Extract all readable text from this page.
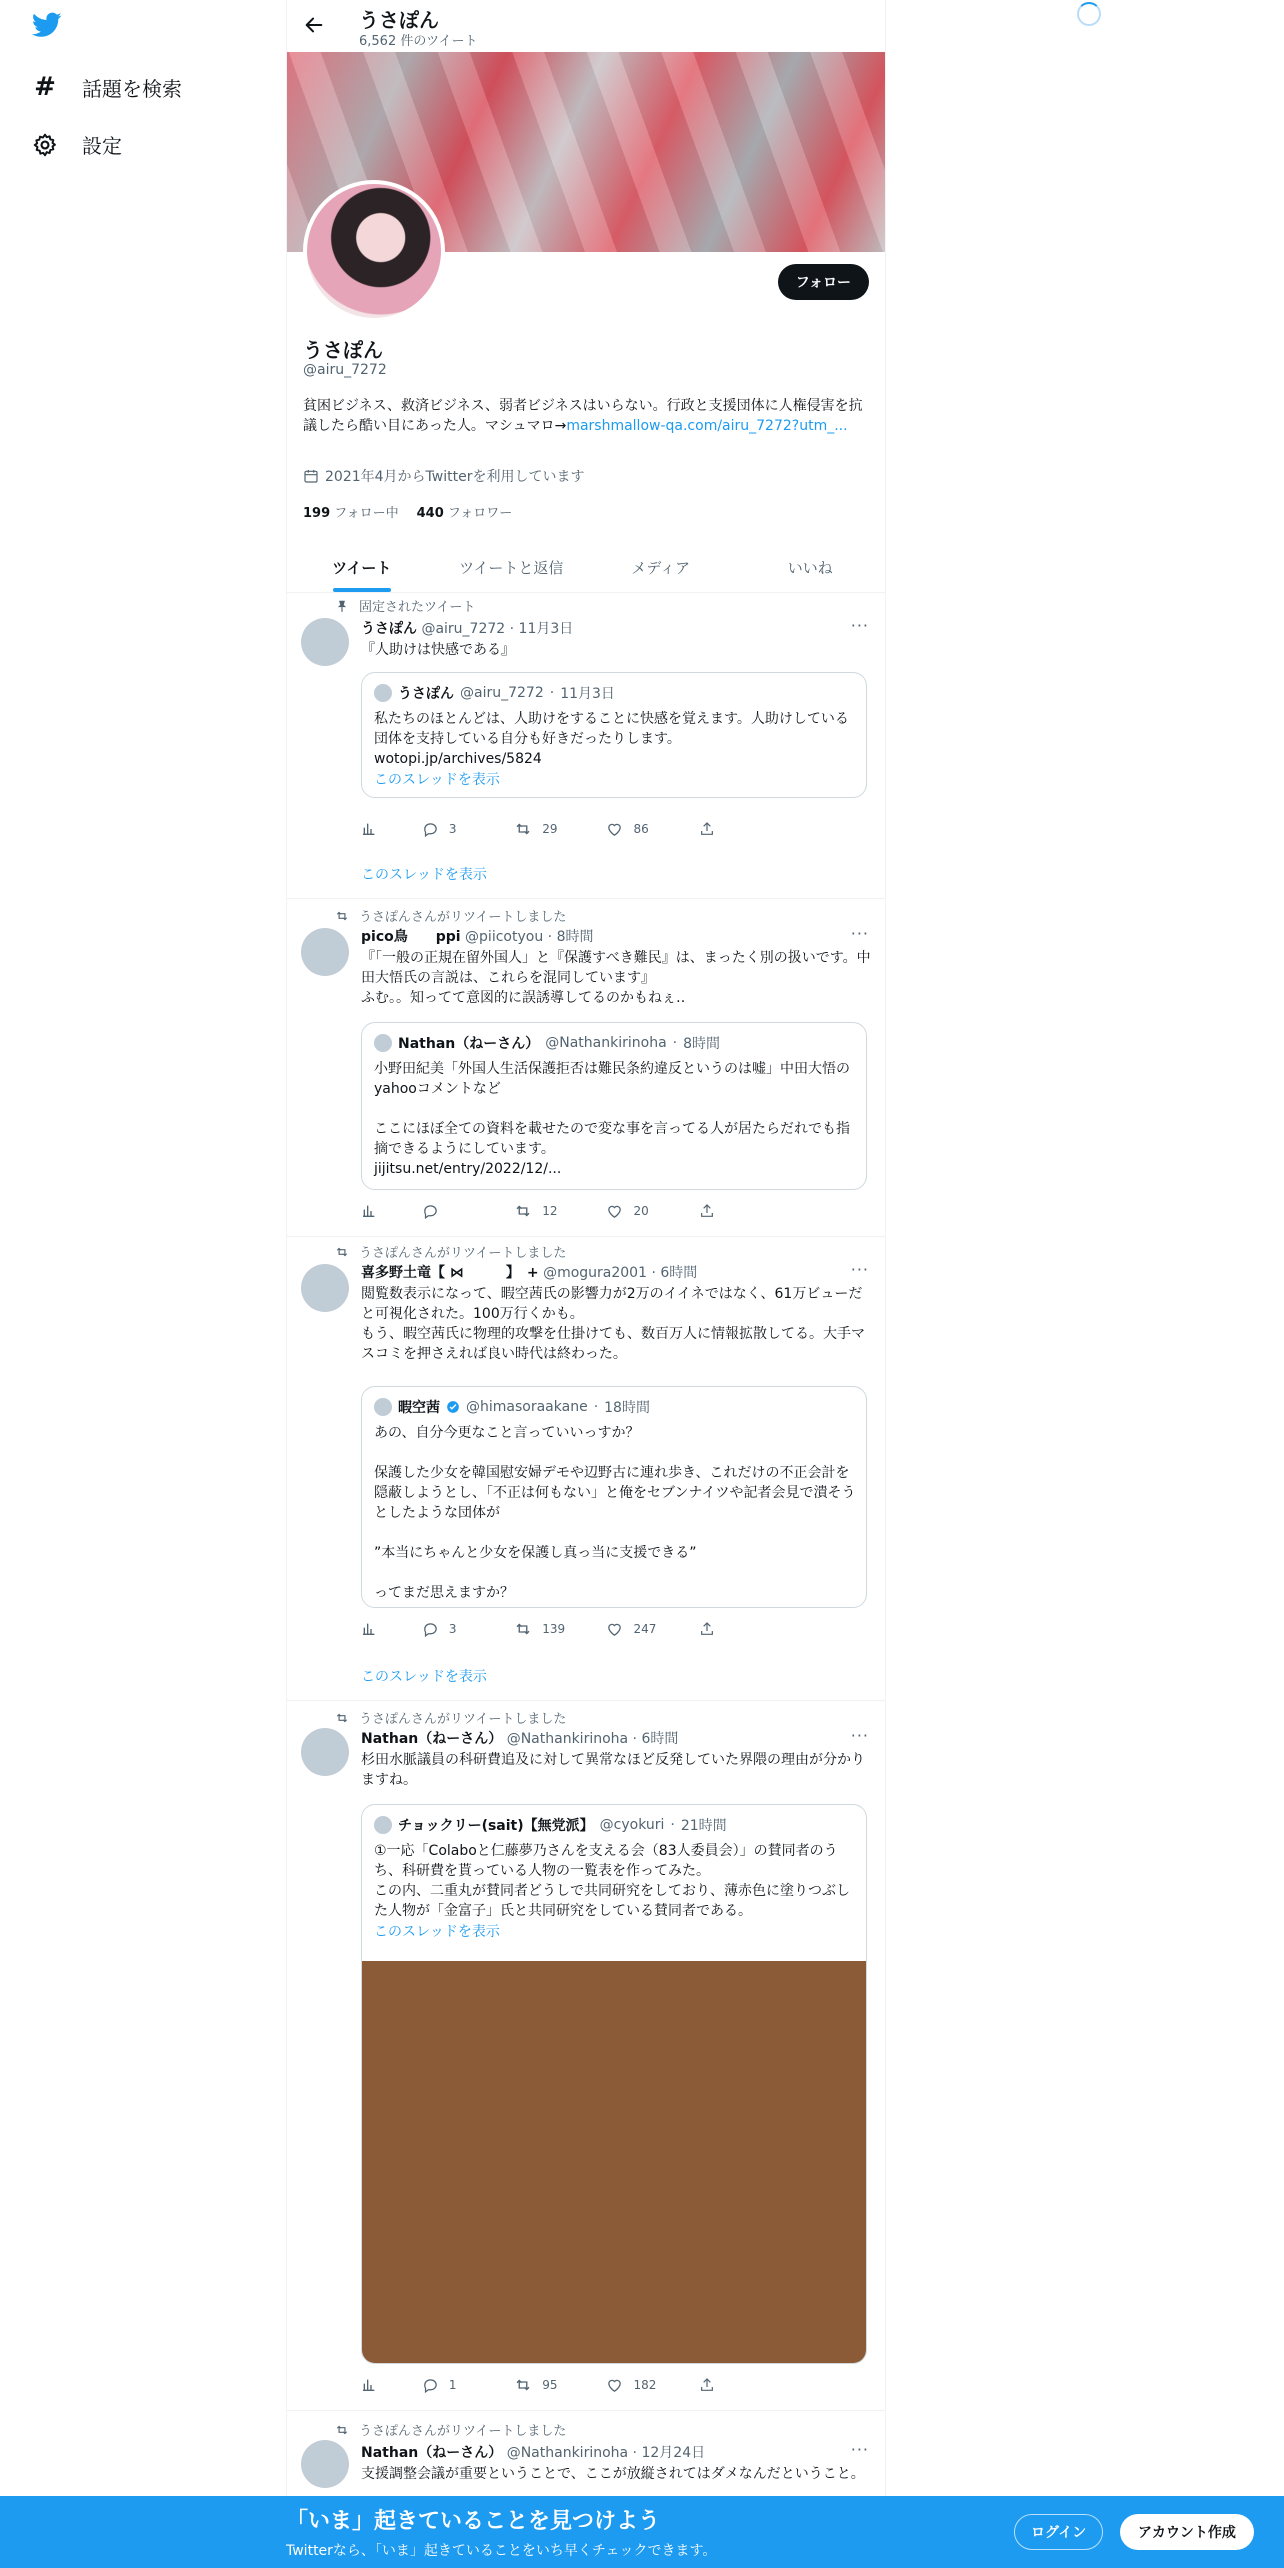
# 話題を検索
設定
うさぽん
6,562 件のツイート
フォロー
うさぽん
@airu_7272
貧困ビジネス、救済ビジネス、弱者ビジネスはいらない。行政と支援団体に人権侵害を抗議したら酷い目にあった人。マシュマロ→marshmallow-qa.com/airu_7272?utm_...
2021年4月からTwitterを利用しています
199 フォロー中 440 フォロワー
ツイート	ツイートと返信	メディア	いいね
固定されたツイート
うさぽん @airu_7272 · 11月3日	···
『人助けは快感である』
うさぽん @airu_7272 · 11月3日
私たちのほとんどは、人助けをすることに快感を覚えます。人助けしている団体を支持している自分も好きだったりします。
wotopi.jp/archives/5824
このスレッドを表示
3	29	86
このスレッドを表示
うさぽんさんがリツイートしました
pico鳥　　ppi @piicotyou · 8時間	···
『「一般の正規在留外国人」と『保護すべき難民』は、まったく別の扱いです。中田大悟氏の言説は、これらを混同しています』
ふむ。。知ってて意図的に誤誘導してるのかもねぇ‥
Nathan（ねーさん） @Nathankirinoha · 8時間
小野田紀美「外国人生活保護拒否は難民条約違反というのは嘘」中田大悟のyahooコメントなど

ここにほぼ全ての資料を載せたので変な事を言ってる人が居たらだれでも指摘できるようにしています。
jijitsu.net/entry/2022/12/...
12	20
うさぽんさんがリツイートしました
喜多野土竜【 ⋈　　　】　+ @mogura2001 · 6時間	···
閲覧数表示になって、暇空茜氏の影響力が2万のイイネではなく、61万ビューだと可視化された。100万行くかも。
もう、暇空茜氏に物理的攻撃を仕掛けても、数百万人に情報拡散してる。大手マスコミを押さえれば良い時代は終わった。
暇空茜 @himasoraakane · 18時間
あの、自分今更なこと言っていいっすか？

保護した少女を韓国慰安婦デモや辺野古に連れ歩き、これだけの不正会計を隠蔽しようとし、「不正は何もない」と俺をセブンナイツや記者会見で潰そうとしたような団体が

”本当にちゃんと少女を保護し真っ当に支援できる”

ってまだ思えますか？
3	139	247
このスレッドを表示
うさぽんさんがリツイートしました
Nathan（ねーさん） @Nathankirinoha · 6時間	···
杉田水脈議員の科研費追及に対して異常なほど反発していた界隈の理由が分かりますね。
チョックリー(sait)【無党派】 @cyokuri · 21時間
①一応「Colaboと仁藤夢乃さんを支える会（83人委員会）」の賛同者のうち、科研費を貰っている人物の一覧表を作ってみた。
この内、二重丸が賛同者どうしで共同研究をしており、薄赤色に塗りつぶした人物が「金富子」氏と共同研究をしている賛同者である。
このスレッドを表示
1	95	182
うさぽんさんがリツイートしました
Nathan（ねーさん） @Nathankirinoha · 12月24日	···
支援調整会議が重要ということで、ここが放縦されてはダメなんだということ。
「いま」起きていることを見つけよう
Twitterなら、「いま」起きていることをいち早くチェックできます。
ログイン	アカウント作成
